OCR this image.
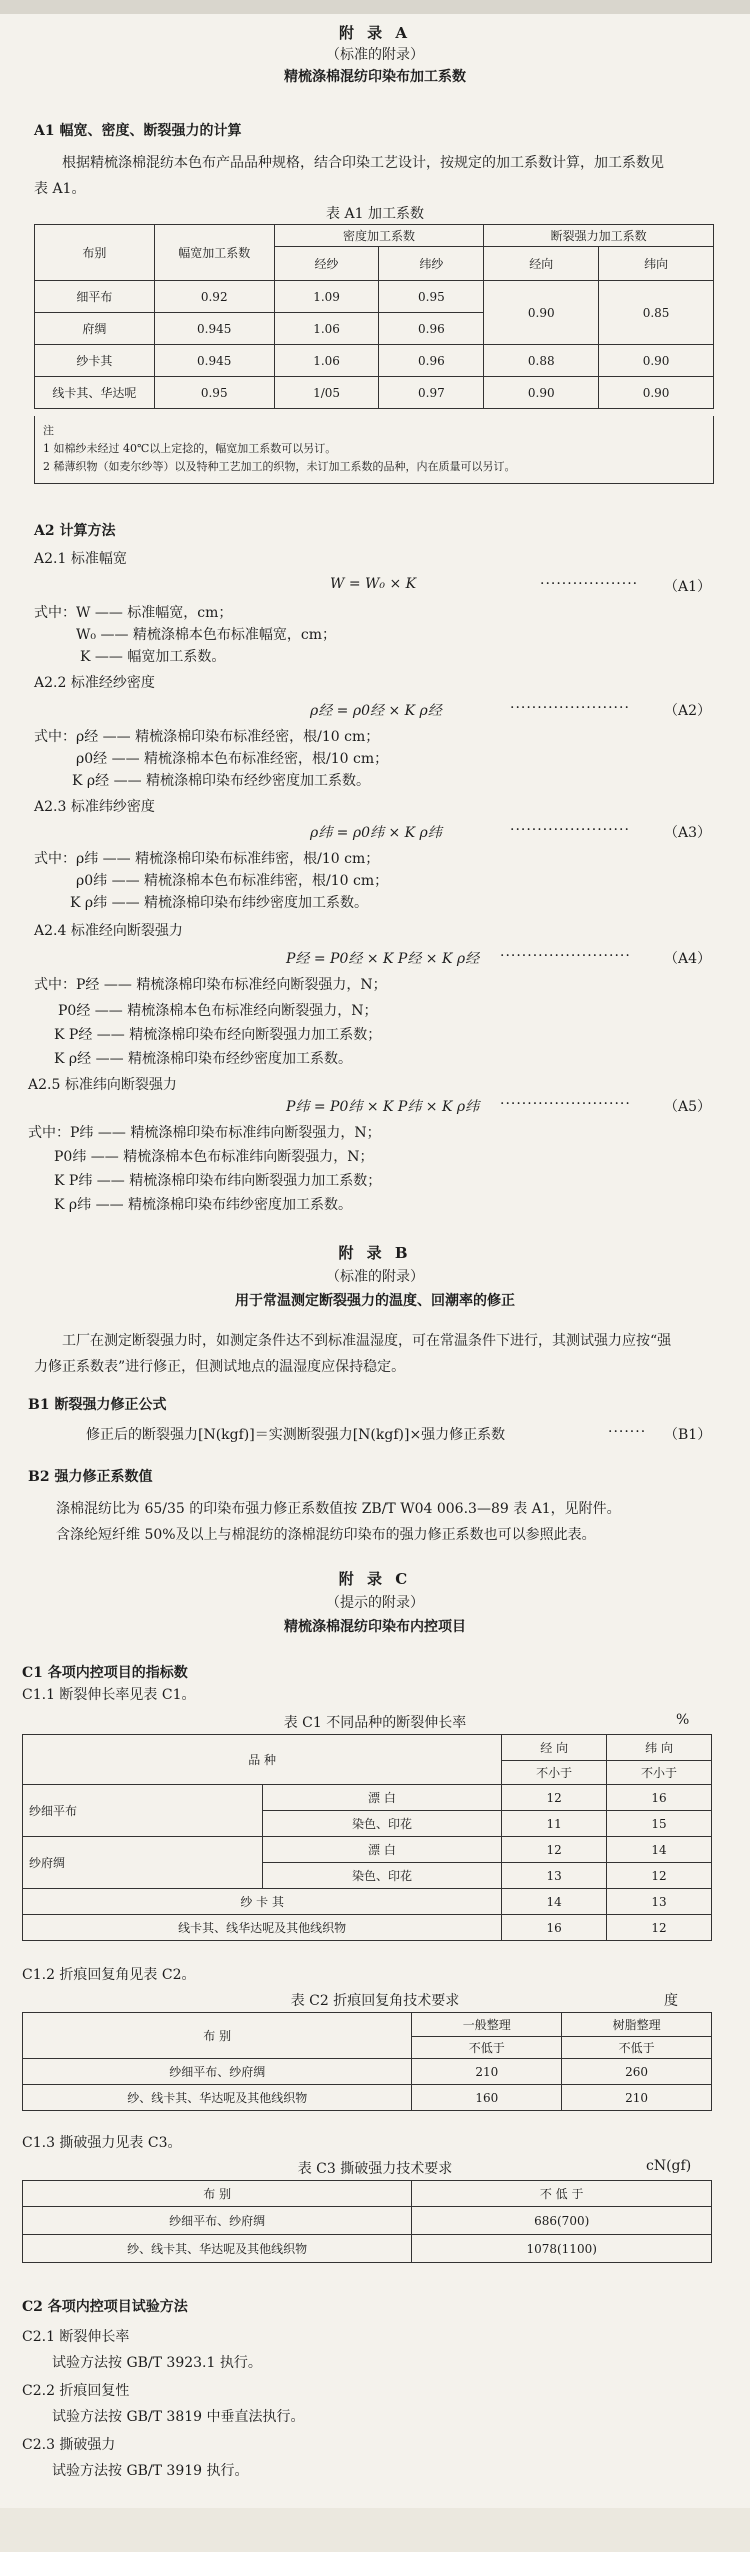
附 录 A
（标准的附录）
精梳涤棉混纺印染布加工系数
A1 幅宽、密度、断裂强力的计算
根据精梳涤棉混纺本色布产品品种规格，结合印染工艺设计，按规定的加工系数计算，加工系数见
表 A1。
表 A1 加工系数
布别	幅宽加工系数	密度加工系数		断裂强力加工系数	
		经纱	纬纱	经向	纬向
细平布	0.92	1.09	0.95	0.90	0.85
府绸	0.945	1.06	0.96		
纱卡其	0.945	1.06	0.96	0.88	0.90
线卡其、华达呢	0.95	1/05	0.97	0.90	0.90
注
1 如棉纱未经过 40℃以上定捻的，幅宽加工系数可以另订。
2 稀薄织物（如麦尔纱等）以及特种工艺加工的织物，未订加工系数的品种，内在质量可以另订。
A2 计算方法
A2.1 标准幅宽
W = W₀ × K	·················· （A1）
式中：W —— 标准幅宽，cm；
W₀ —— 精梳涤棉本色布标准幅宽，cm；
K —— 幅宽加工系数。
A2.2 标准经纱密度
ρ经 = ρ0经 × K ρ经	······················ （A2）
式中：ρ经 —— 精梳涤棉印染布标准经密，根/10 cm；
ρ0经 —— 精梳涤棉本色布标准经密，根/10 cm；
K ρ经 —— 精梳涤棉印染布经纱密度加工系数。
A2.3 标准纬纱密度
ρ纬 = ρ0纬 × K ρ纬	······················ （A3）
式中：ρ纬 —— 精梳涤棉印染布标准纬密，根/10 cm；
ρ0纬 —— 精梳涤棉本色布标准纬密，根/10 cm；
K ρ纬 —— 精梳涤棉印染布纬纱密度加工系数。
A2.4 标准经向断裂强力
P经 = P0经 × K P经 × K ρ经 ························ （A4）
式中：P经 —— 精梳涤棉印染布标准经向断裂强力，N；
P0经 —— 精梳涤棉本色布标准经向断裂强力，N；
K P经 —— 精梳涤棉印染布经向断裂强力加工系数；
K ρ经 —— 精梳涤棉印染布经纱密度加工系数。
A2.5 标准纬向断裂强力
P纬 = P0纬 × K P纬 × K ρ纬 ························ （A5）
式中：P纬 —— 精梳涤棉印染布标准纬向断裂强力，N；
P0纬 —— 精梳涤棉本色布标准纬向断裂强力，N；
K P纬 —— 精梳涤棉印染布纬向断裂强力加工系数；
K ρ纬 —— 精梳涤棉印染布纬纱密度加工系数。
附 录 B
（标准的附录）
用于常温测定断裂强力的温度、回潮率的修正
工厂在测定断裂强力时，如测定条件达不到标准温湿度，可在常温条件下进行，其测试强力应按“强
力修正系数表”进行修正，但测试地点的温湿度应保持稳定。
B1 断裂强力修正公式
修正后的断裂强力[N(kgf)]＝实测断裂强力[N(kgf)]×强力修正系数	······· （B1）
B2 强力修正系数值
涤棉混纺比为 65/35 的印染布强力修正系数值按 ZB/T W04 006.3—89 表 A1，见附件。
含涤纶短纤维 50%及以上与棉混纺的涤棉混纺印染布的强力修正系数也可以参照此表。
附 录 C
（提示的附录）
精梳涤棉混纺印染布内控项目
C1 各项内控项目的指标数
C1.1 断裂伸长率见表 C1。
表 C1 不同品种的断裂伸长率	%
品 种		经 向	纬 向
		不小于	不小于
纱细平布	漂 白	12	16
	染色、印花	11	15
纱府绸	漂 白	12	14
	染色、印花	13	12
纱 卡 其		14	13
线卡其、线华达呢及其他线织物		16	12
C1.2 折痕回复角见表 C2。
表 C2 折痕回复角技术要求	度
布 别	一般整理	树脂整理
	不低于	不低于
纱细平布、纱府绸	210	260
纱、线卡其、华达呢及其他线织物	160	210
C1.3 撕破强力见表 C3。
表 C3 撕破强力技术要求	cN(gf)
布 别	不 低 于
纱细平布、纱府绸	686(700)
纱、线卡其、华达呢及其他线织物	1078(1100)
C2 各项内控项目试验方法
C2.1 断裂伸长率
试验方法按 GB/T 3923.1 执行。
C2.2 折痕回复性
试验方法按 GB/T 3819 中垂直法执行。
C2.3 撕破强力
试验方法按 GB/T 3919 执行。
